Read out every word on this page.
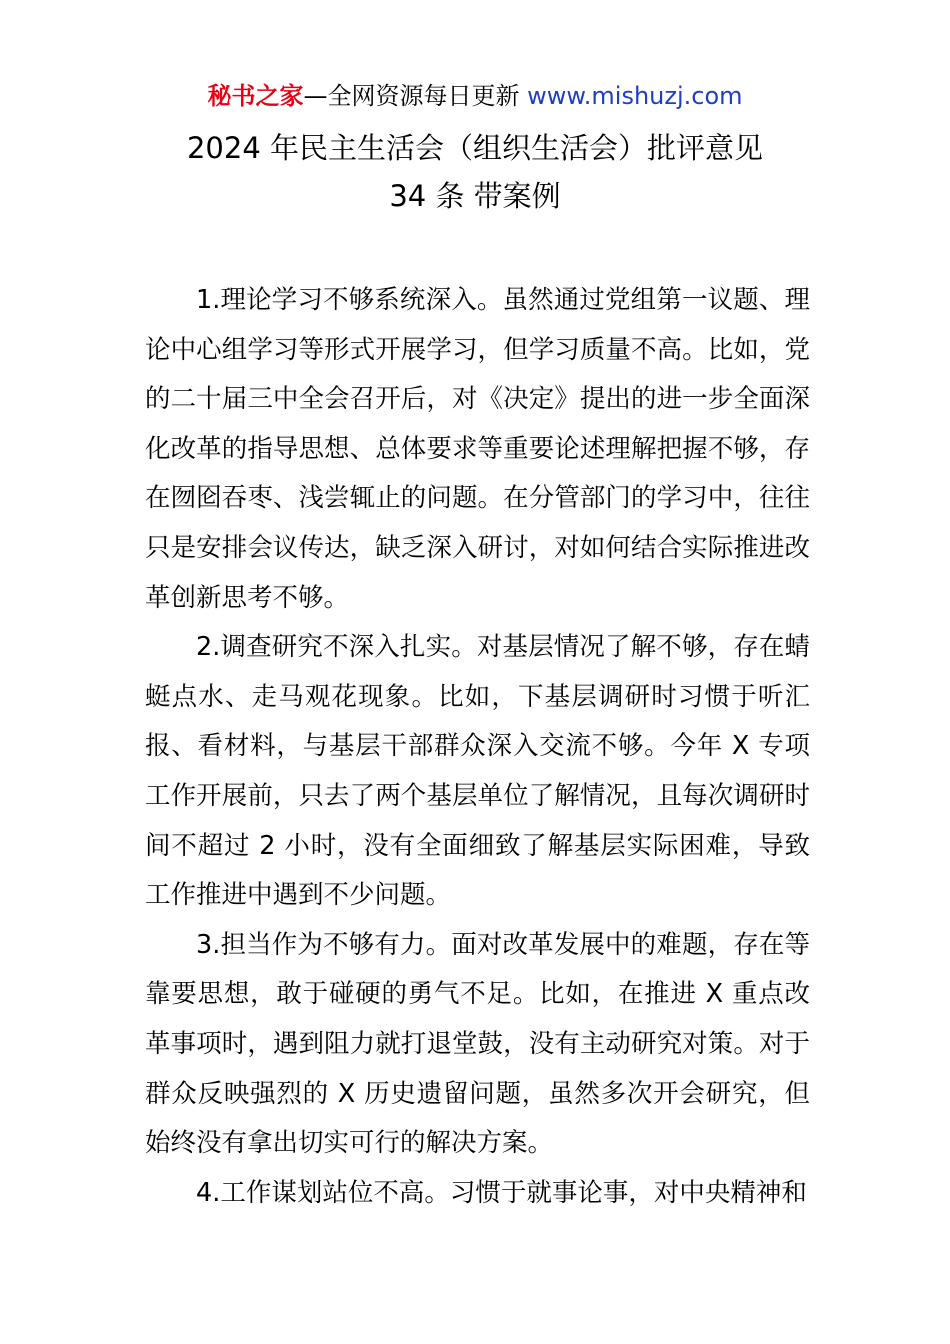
秘书之家—全网资源每日更新 www.mishuzj.com
2024 年民主生活会（组织生活会）批评意见
34 条 带案例

1.理论学习不够系统深入。虽然通过党组第一议题、理论中心组学习等形式开展学习，但学习质量不高。比如，党的二十届三中全会召开后，对《决定》提出的进一步全面深化改革的指导思想、总体要求等重要论述理解把握不够，存在囫囵吞枣、浅尝辄止的问题。在分管部门的学习中，往往只是安排会议传达，缺乏深入研讨，对如何结合实际推进改革创新思考不够。

2.调查研究不深入扎实。对基层情况了解不够，存在蜻蜓点水、走马观花现象。比如，下基层调研时习惯于听汇报、看材料，与基层干部群众深入交流不够。今年 X 专项工作开展前，只去了两个基层单位了解情况，且每次调研时间不超过 2 小时，没有全面细致了解基层实际困难，导致工作推进中遇到不少问题。

3.担当作为不够有力。面对改革发展中的难题，存在等靠要思想，敢于碰硬的勇气不足。比如，在推进 X 重点改革事项时，遇到阻力就打退堂鼓，没有主动研究对策。对于群众反映强烈的 X 历史遗留问题，虽然多次开会研究，但始终没有拿出切实可行的解决方案。

4.工作谋划站位不高。习惯于就事论事，对中央精神和
